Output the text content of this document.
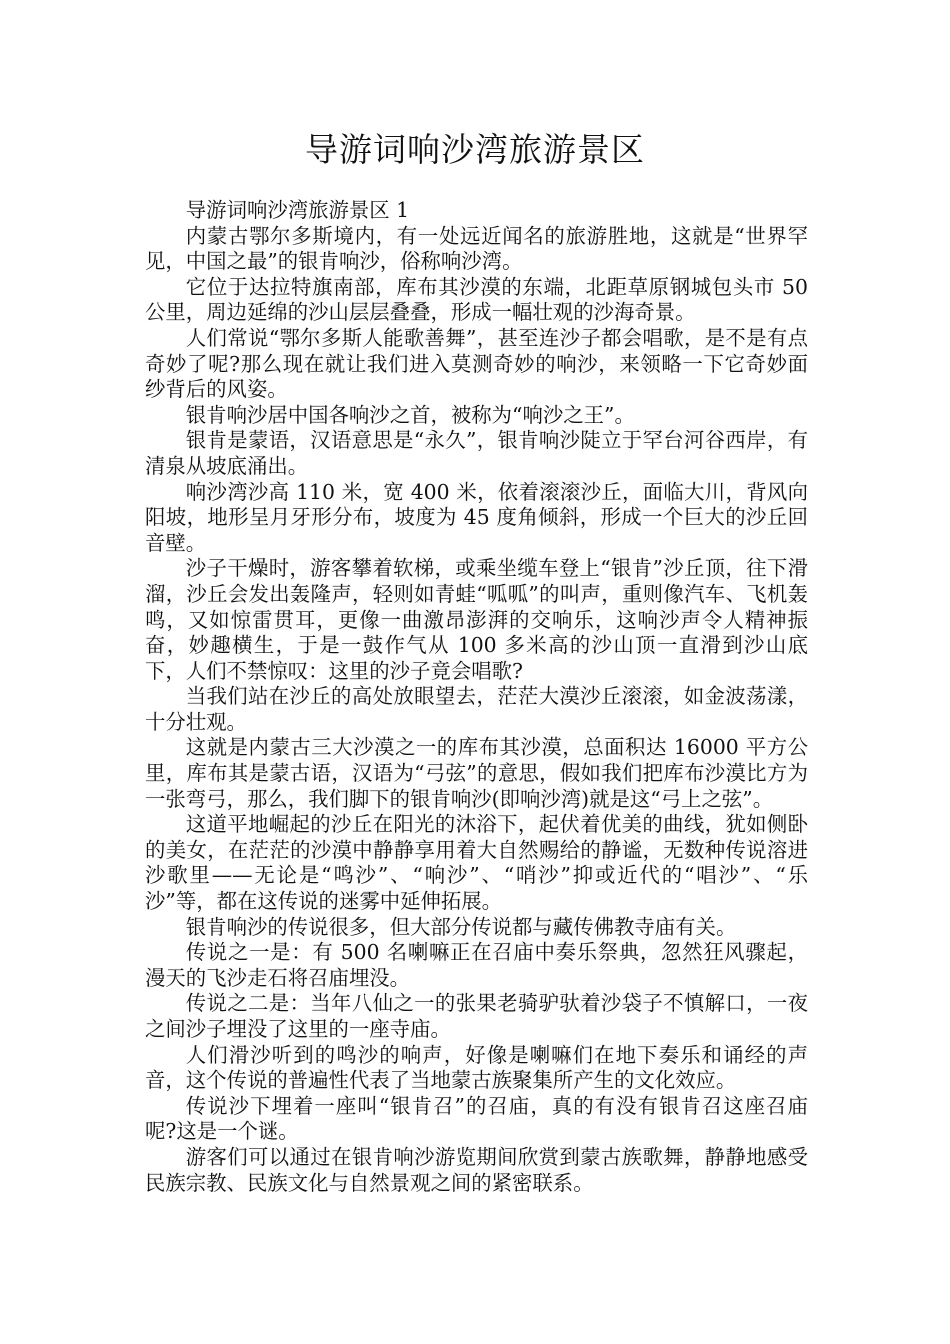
导游词响沙湾旅游景区

导游词响沙湾旅游景区 1

内蒙古鄂尔多斯境内，有一处远近闻名的旅游胜地，这就是“世界罕见，中国之最”的银肯响沙，俗称响沙湾。

它位于达拉特旗南部，库布其沙漠的东端，北距草原钢城包头市 50 公里，周边延绵的沙山层层叠叠，形成一幅壮观的沙海奇景。

人们常说“鄂尔多斯人能歌善舞”，甚至连沙子都会唱歌，是不是有点奇妙了呢?那么现在就让我们进入莫测奇妙的响沙，来领略一下它奇妙面纱背后的风姿。

银肯响沙居中国各响沙之首，被称为“响沙之王”。

银肯是蒙语，汉语意思是“永久”，银肯响沙陡立于罕台河谷西岸，有清泉从坡底涌出。

响沙湾沙高 110 米，宽 400 米，依着滚滚沙丘，面临大川，背风向阳坡，地形呈月牙形分布，坡度为 45 度角倾斜，形成一个巨大的沙丘回音壁。

沙子干燥时，游客攀着软梯，或乘坐缆车登上“银肯”沙丘顶，往下滑溜，沙丘会发出轰隆声，轻则如青蛙“呱呱”的叫声，重则像汽车、飞机轰鸣，又如惊雷贯耳，更像一曲激昂澎湃的交响乐，这响沙声令人精神振奋，妙趣横生，于是一鼓作气从 100 多米高的沙山顶一直滑到沙山底下，人们不禁惊叹：这里的沙子竟会唱歌?

当我们站在沙丘的高处放眼望去，茫茫大漠沙丘滚滚，如金波荡漾，十分壮观。

这就是内蒙古三大沙漠之一的库布其沙漠，总面积达 16000 平方公里，库布其是蒙古语，汉语为“弓弦”的意思，假如我们把库布沙漠比方为一张弯弓，那么，我们脚下的银肯响沙(即响沙湾)就是这“弓上之弦”。

这道平地崛起的沙丘在阳光的沐浴下，起伏着优美的曲线，犹如侧卧的美女，在茫茫的沙漠中静静享用着大自然赐给的静谧，无数种传说溶进沙歌里——无论是“鸣沙”、“响沙”、“哨沙”抑或近代的“唱沙”、“乐沙”等，都在这传说的迷雾中延伸拓展。

银肯响沙的传说很多，但大部分传说都与藏传佛教寺庙有关。

传说之一是：有 500 名喇嘛正在召庙中奏乐祭典，忽然狂风骤起，漫天的飞沙走石将召庙埋没。

传说之二是：当年八仙之一的张果老骑驴驮着沙袋子不慎解口，一夜之间沙子埋没了这里的一座寺庙。

人们滑沙听到的鸣沙的响声，好像是喇嘛们在地下奏乐和诵经的声音，这个传说的普遍性代表了当地蒙古族聚集所产生的文化效应。

传说沙下埋着一座叫“银肯召”的召庙，真的有没有银肯召这座召庙呢?这是一个谜。

游客们可以通过在银肯响沙游览期间欣赏到蒙古族歌舞，静静地感受民族宗教、民族文化与自然景观之间的紧密联系。
